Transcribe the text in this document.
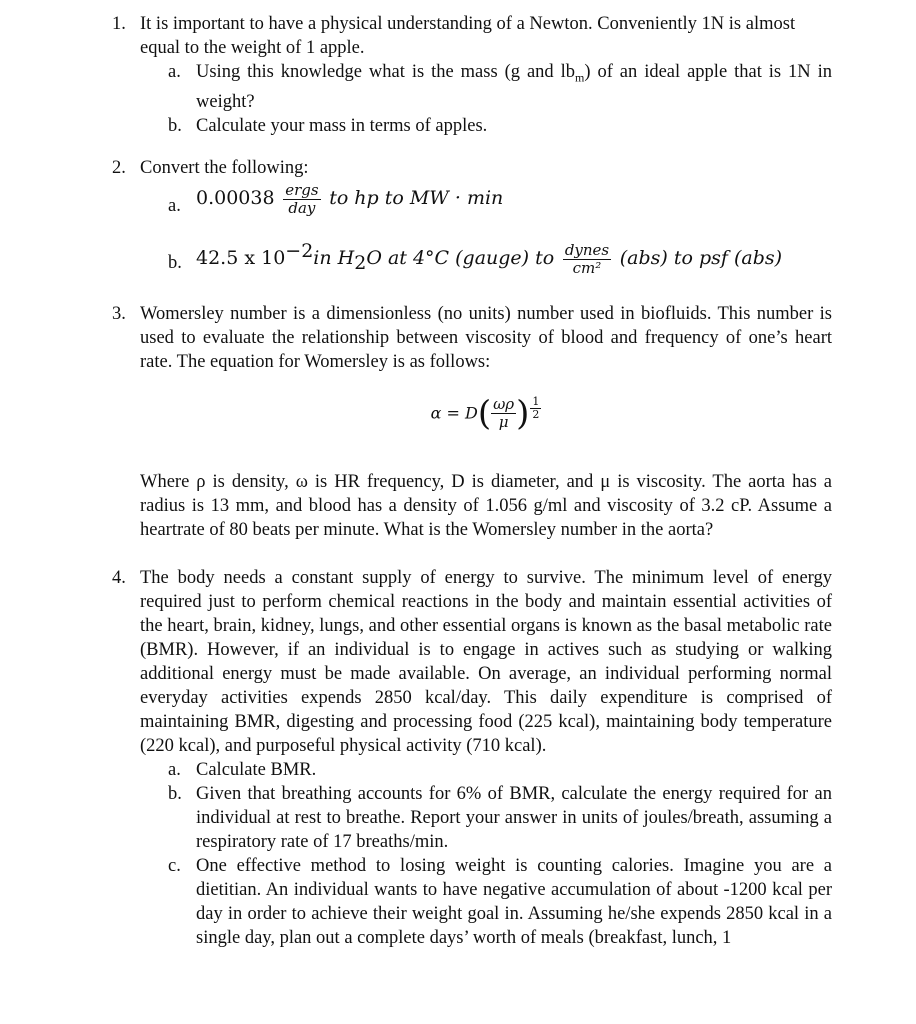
1. It is important to have a physical understanding of a Newton. Conveniently 1N is almost
equal to the weight of 1 apple.
a. Using this knowledge what is the mass (g and $lb_m$) of an ideal apple that is 1N in weight?
b. Calculate your mass in terms of apples.
2. Convert the following:
a. $0.00038 \frac{\text{ergs}}{\text{day}}$ to hp to MW · min
b. 42.5 x $10^{-2}in$ $H_2O$ at 4°C (gauge) to $\frac{\text{dynes}}{\text{cm²}} (abs)$ to psf (abs)
3. Womersley number is a dimensionless (no units) number used in biofluids. This number is used to evaluate the relationship between viscosity of blood and frequency of one’s heart rate. The equation for Womersley is as follows:
$\alpha = D( \frac{\omega\rho}{\mu}$ ) $\frac{1}{2}$
Where ρ is density, ω is HR frequency, D is diameter, and μ is viscosity. The aorta has a radius is 13 mm, and blood has a density of 1.056 g/ml and viscosity of 3.2 cP. Assume a heartrate of 80 beats per minute. What is the Womersley number in the aorta?
4. The body needs a constant supply of energy to survive. The minimum level of energy required just to perform chemical reactions in the body and maintain essential activities of the heart, brain, kidney, lungs, and other essential organs is known as the basal metabolic rate (BMR). However, if an individual is to engage in actives such as studying or walking additional energy must be made available. On average, an individual performing normal everyday activities expends 2850 kcal/day. This daily expenditure is comprised of maintaining BMR, digesting and processing food (225 kcal), maintaining body temperature (220 kcal), and purposeful physical activity (710 kcal).
a. Calculate BMR.
b. Given that breathing accounts for 6% of BMR, calculate the energy required for an individual at rest to breathe. Report your answer in units of joules/breath, assuming a respiratory rate of 17 breaths/min.
c. One effective method to losing weight is counting calories. Imagine you are a dietitian. An individual wants to have negative accumulation of about -1200 kcal per day in order to achieve their weight goal in. Assuming he/she expends 2850 kcal in a single day, plan out a complete days’ worth of meals (breakfast, lunch, 1
